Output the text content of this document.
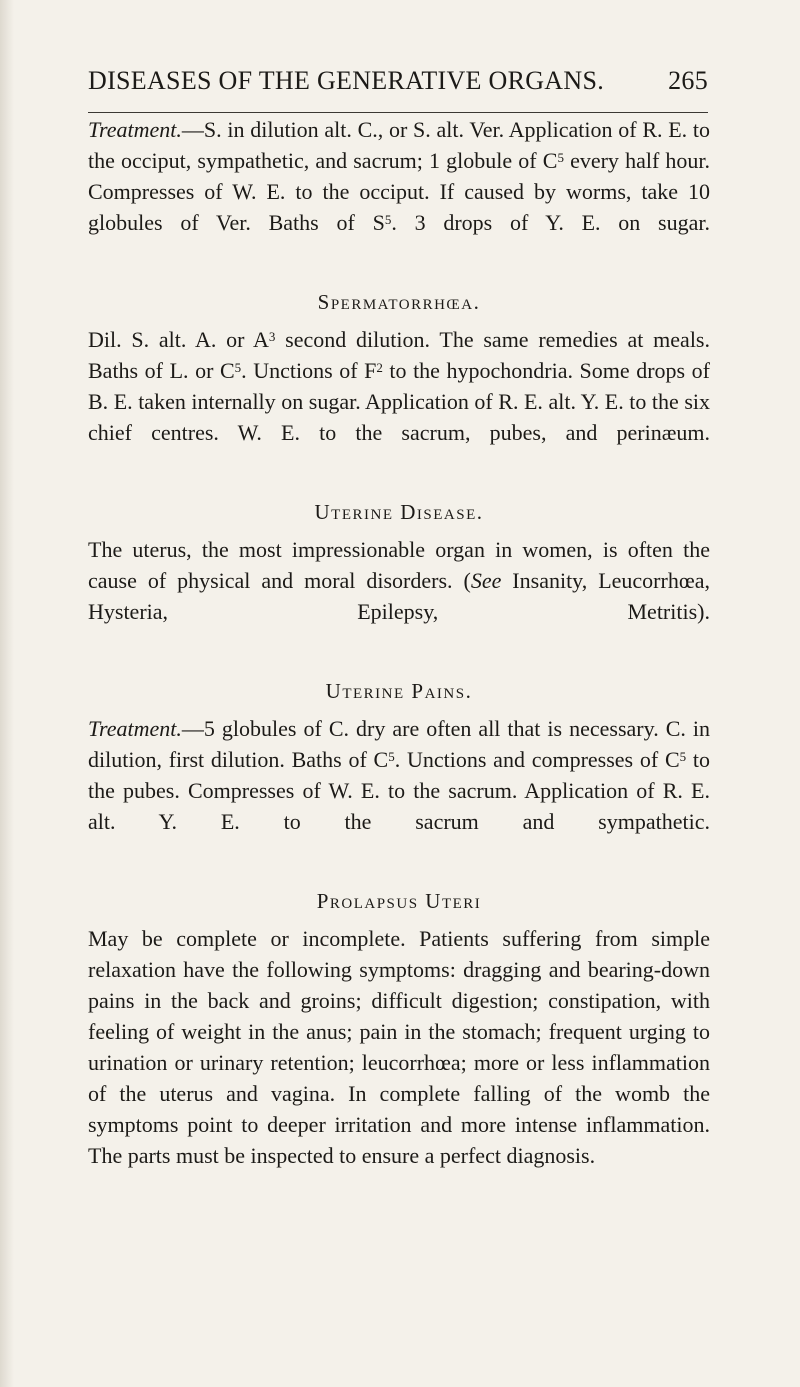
DISEASES OF THE GENERATIVE ORGANS. 265

Treatment.—S. in dilution alt. C., or S. alt. Ver. Application of R. E. to the occiput, sympathetic, and sacrum; 1 globule of $C^5$ every half hour. Compresses of W. E. to the occiput. If caused by worms, take 10 globules of Ver. Baths of $S^5$. 3 drops of Y. E. on sugar.

Spermatorrhœa.

Dil. S. alt. A. or $A^3$ second dilution. The same remedies at meals. Baths of L. or $C^5$. Unctions of $F^2$ to the hypochondria. Some drops of B. E. taken internally on sugar. Application of R. E. alt. Y. E. to the six chief centres. W. E. to the sacrum, pubes, and perinæum.

Uterine Disease.

The uterus, the most impressionable organ in women, is often the cause of physical and moral disorders. (See Insanity, Leucorrhœa, Hysteria, Epilepsy, Metritis).

Uterine Pains.

Treatment.—5 globules of C. dry are often all that is necessary. C. in dilution, first dilution. Baths of $C^5$. Unctions and compresses of $C^5$ to the pubes. Compresses of W. E. to the sacrum. Application of R. E. alt. Y. E. to the sacrum and sympathetic.

Prolapsus Uteri

May be complete or incomplete. Patients suffering from simple relaxation have the following symptoms: dragging and bearing-down pains in the back and groins; difficult digestion; constipation, with feeling of weight in the anus; pain in the stomach; frequent urging to urination or urinary retention; leucorrhœa; more or less inflammation of the uterus and vagina. In complete falling of the womb the symptoms point to deeper irritation and more intense inflammation. The parts must be inspected to ensure a perfect diagnosis.
